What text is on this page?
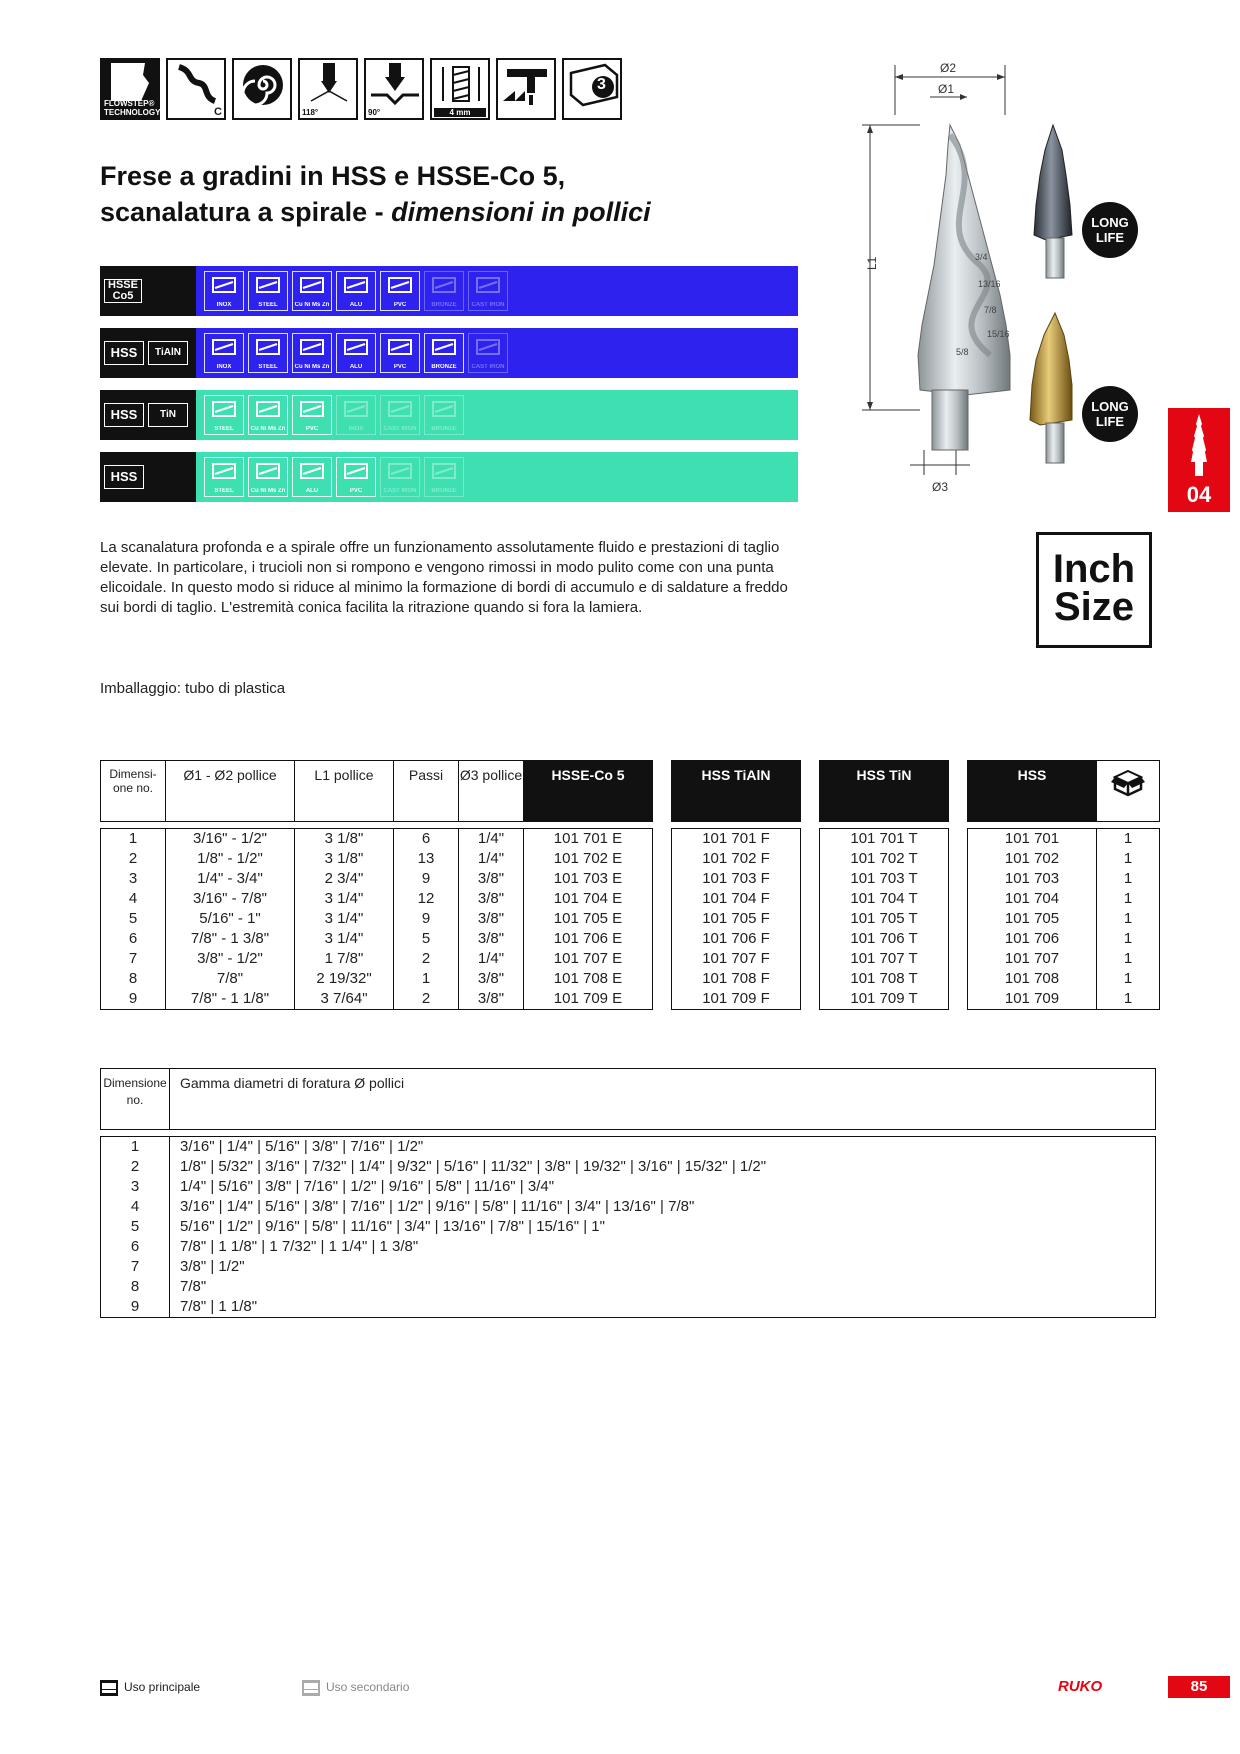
FLOWSTEP® TECHNOLOGY	C	118°	90°	4 mm
3
Frese a gradini in HSS e HSSE-Co 5,
scanalatura a spirale - dimensioni in pollici
HSSE Co5
INOX	STEEL	Cu Ni Ms Zn	ALU	PVC	BRONZE	CAST IRON
HSS	TiAlN
INOX	STEEL	Cu Ni Ms Zn	ALU	PVC	BRONZE	CAST IRON
HSS	TiN
STEEL	Cu Ni Ms Zn	PVC	INOX	CAST IRON	BRONZE
HSS
STEEL	Cu Ni Ms Zn	ALU	PVC	CAST IRON	BRONZE
Ø2
Ø1
L1
Ø3
3/4
13/16
7/8
15/16
5/8
LONG LIFE
LONG LIFE
04
Inch
Size
La scanalatura profonda e a spirale offre un funzionamento assolutamente fluido e prestazioni di taglio elevate. In particolare, i trucioli non si rompono e vengono rimossi in modo pulito come con una punta elicoidale. In questo modo si riduce al minimo la formazione di bordi di accumulo e di saldature a freddo sui bordi di taglio. L'estremità conica facilita la ritrazione quando si fora la lamiera.
Imballaggio: tubo di plastica
Dimensi- one no.	Ø1 - Ø2 pollice	L1 pollice	Passi	Ø3 pollice	HSSE-Co 5		HSS TiAlN		HSS TiN		HSS	

1	3/16" - 1/2"	3 1/8"	6	1/4"	101 701 E		101 701 F		101 701 T		101 701	1
2	1/8" - 1/2"	3 1/8"	13	1/4"	101 702 E		101 702 F		101 702 T		101 702	1
3	1/4" - 3/4"	2 3/4"	9	3/8"	101 703 E		101 703 F		101 703 T		101 703	1
4	3/16" - 7/8"	3 1/4"	12	3/8"	101 704 E		101 704 F		101 704 T		101 704	1
5	5/16" - 1"	3 1/4"	9	3/8"	101 705 E		101 705 F		101 705 T		101 705	1
6	7/8" - 1 3/8"	3 1/4"	5	3/8"	101 706 E		101 706 F		101 706 T		101 706	1
7	3/8" - 1/2"	1 7/8"	2	1/4"	101 707 E		101 707 F		101 707 T		101 707	1
8	7/8"	2 19/32"	1	3/8"	101 708 E		101 708 F		101 708 T		101 708	1
9	7/8" - 1 1/8"	3 7/64"	2	3/8"	101 709 E		101 709 F		101 709 T		101 709	1
Dimensione no.	Gamma diametri di foratura Ø pollici

1	3/16" | 1/4" | 5/16" | 3/8" | 7/16" | 1/2"
2	1/8" | 5/32" | 3/16" | 7/32" | 1/4" | 9/32" | 5/16" | 11/32" | 3/8" | 19/32" | 3/16" | 15/32" | 1/2"
3	1/4" | 5/16" | 3/8" | 7/16" | 1/2" | 9/16" | 5/8" | 11/16" | 3/4"
4	3/16" | 1/4" | 5/16" | 3/8" | 7/16" | 1/2" | 9/16" | 5/8" | 11/16" | 3/4" | 13/16" | 7/8"
5	5/16" | 1/2" | 9/16" | 5/8" | 11/16" | 3/4" | 13/16" | 7/8" | 15/16" | 1"
6	7/8" | 1 1/8" | 1 7/32" | 1 1/4" | 1 3/8"
7	3/8" | 1/2"
8	7/8"
9	7/8" | 1 1/8"
Uso principale	Uso secondario	RUKO	85
